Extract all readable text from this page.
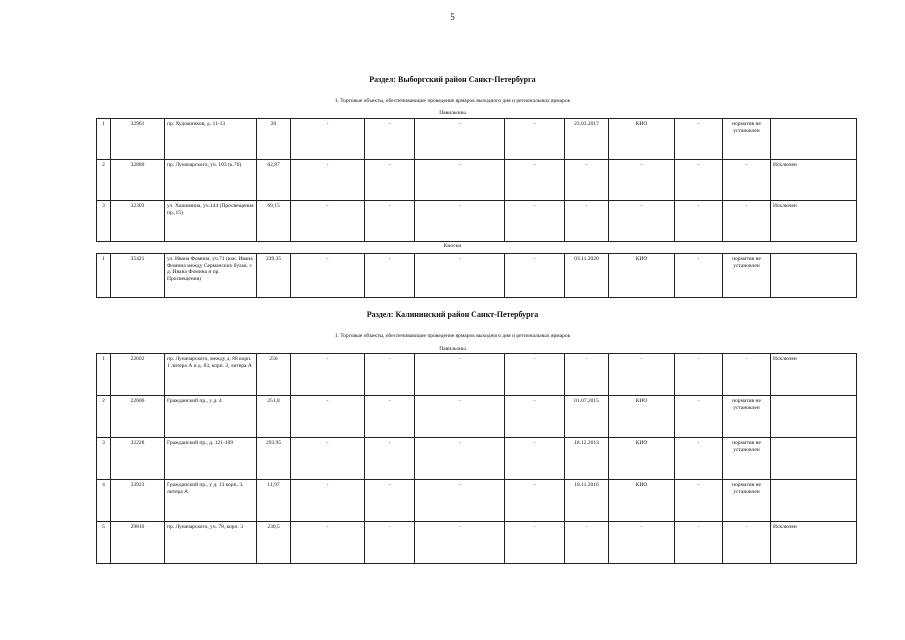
5
Раздел: Выборгский район Санкт-Петербурга
1. Торговые объекты, обеспечивающие проведение ярмарок выходного дня и региональных ярмарок
Павильоны
1	32961	пр. Художников, д. 11-13	20	-	-	-	-	23.03.2017	КИО	-	норматив не установлен	
2	32880	пр. Луначарского, уч. 103 (к.76)	62,87	-	-	-	-	-	-	-	-	Исключен
3	32303	ул. Хошимина, уч.144 (Просвещения пр.,15)	69,15	-	-	-	-	-	-	-	-	Исключен
Киоски
1	35421	ул. Ивана Фомина, уч.71 (юж. Ивана Фомина между Серманских бульв. з д. Ивана Фомина и пр. Просвещения)	239,35	-	-	-	-	03.11.2020	КИО	-	норматив не установлен	
Раздел: Калининский район Санкт-Петербурга
1. Торговые объекты, обеспечивающие проведение ярмарок выходного дня и региональных ярмарок
Павильоны
1	22602	пр. Луначарского, между д. 88 корп. 1 литера А и д. 83, корп. 3, литера А	250	-	-	-	-	-	-	-	-	Исключен
2	22606	Гражданский пр., у д. 4	251,8	-	-	-	-	01.07.2015	КИО	-	норматив не установлен	
3	32228	Гражданский пр., д. 121-109	293,95	-	-	-	-	18.12.2013	КИО	-	норматив не установлен	
4	33923	Гражданский пр., у д. 13 корп. 3, литера А	11,97	-	-	-	-	18.11.2016	КИО	-	норматив не установлен	
5	29810	пр. Луначарского, уч. 78, корп. 3	230,5	-	-	-	-	-	-	-	-	Исключен
